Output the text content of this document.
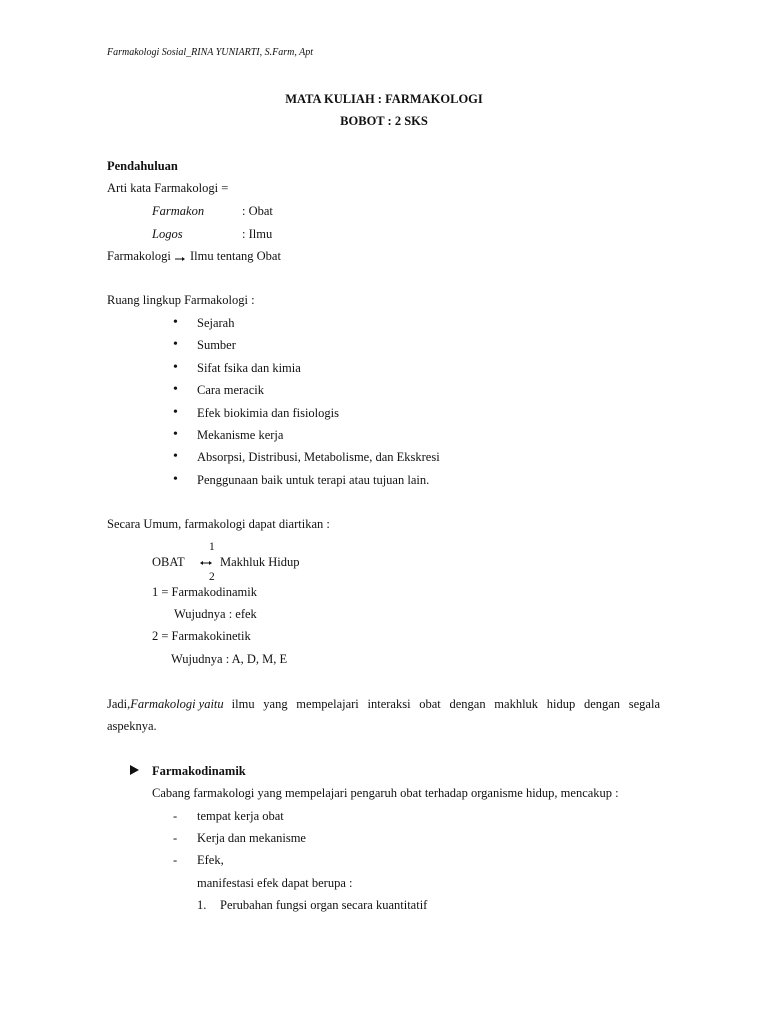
Farmakologi Sosial_RINA YUNIARTI, S.Farm, Apt
MATA KULIAH : FARMAKOLOGI
BOBOT : 2 SKS
Pendahuluan
Arti kata Farmakologi =
Farmakon	: Obat
Logos	: Ilmu
Farmakologi Ilmu tentang Obat
Ruang lingkup Farmakologi :
• Sejarah
• Sumber
• Sifat fsika dan kimia
• Cara meracik
• Efek biokimia dan fisiologis
• Mekanisme kerja
• Absorpsi, Distribusi, Metabolisme, dan Ekskresi
• Penggunaan baik untuk terapi atau tujuan lain.
Secara Umum, farmakologi dapat diartikan :
1
OBAT	Makhluk Hidup
2
1 = Farmakodinamik
Wujudnya : efek
2 = Farmakokinetik
Wujudnya : A, D, M, E
Jadi, Farmakologi yaitu ilmu yang mempelajari interaksi obat dengan makhluk hidup dengan segala
aspeknya.
Farmakodinamik
Cabang farmakologi yang mempelajari pengaruh obat terhadap organisme hidup, mencakup :
- tempat kerja obat
- Kerja dan mekanisme
- Efek,
manifestasi efek dapat berupa :
1. Perubahan fungsi organ secara kuantitatif
